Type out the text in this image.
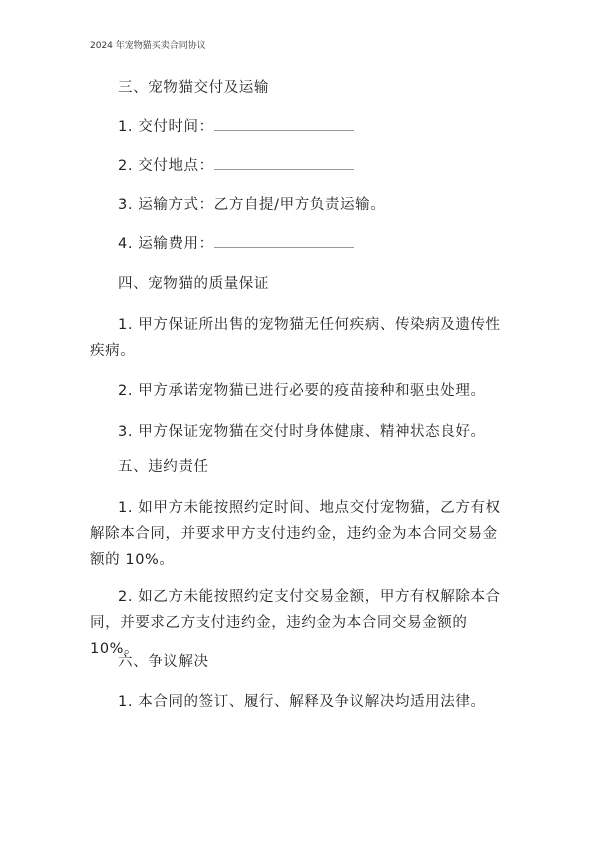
2024 年宠物猫买卖合同协议

三、宠物猫交付及运输

1. 交付时间：

2. 交付地点：

3. 运输方式：乙方自提/甲方负责运输。

4. 运输费用：

四、宠物猫的质量保证

1. 甲方保证所出售的宠物猫无任何疾病、传染病及遗传性疾病。

2. 甲方承诺宠物猫已进行必要的疫苗接种和驱虫处理。

3. 甲方保证宠物猫在交付时身体健康、精神状态良好。

五、违约责任

1. 如甲方未能按照约定时间、地点交付宠物猫，乙方有权解除本合同，并要求甲方支付违约金，违约金为本合同交易金额的 10%。

2. 如乙方未能按照约定支付交易金额，甲方有权解除本合同，并要求乙方支付违约金，违约金为本合同交易金额的 10%。

六、争议解决

1. 本合同的签订、履行、解释及争议解决均适用法律。
